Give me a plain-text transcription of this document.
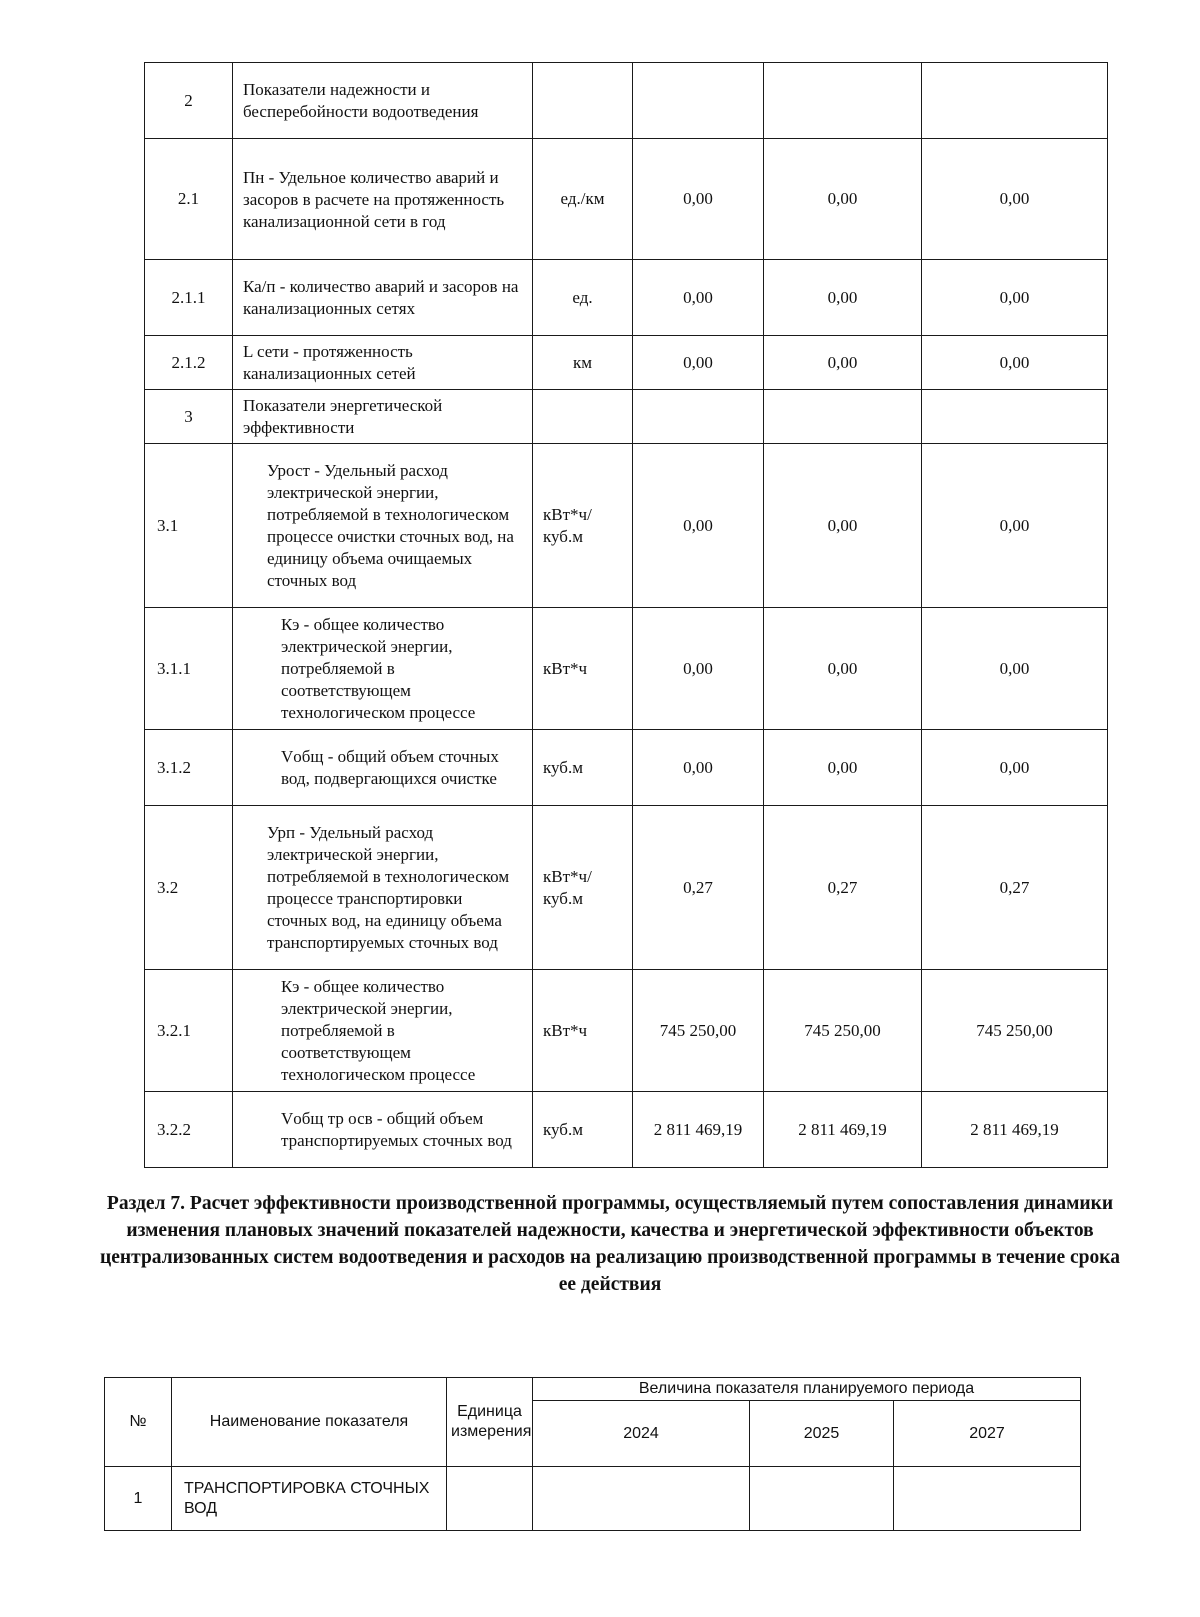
2	Показатели надежности и бесперебойности водоотведения				
2.1	Пн - Удельное количество аварий и засоров в расчете на протяженность канализационной сети в год	ед./км	0,00	0,00	0,00
2.1.1	Ка/п - количество аварий и засоров на канализационных сетях	ед.	0,00	0,00	0,00
2.1.2	L сети - протяженность канализационных сетей	км	0,00	0,00	0,00
3	Показатели энергетической эффективности				
3.1	Урост - Удельный расход электрической энергии, потребляемой в технологическом процессе очистки сточных вод, на единицу объема очищаемых сточных вод	кВт*ч/куб.м	0,00	0,00	0,00
3.1.1	Кэ - общее количество электрической энергии, потребляемой в соответствующем технологическом процессе	кВт*ч	0,00	0,00	0,00
3.1.2	Vобщ - общий объем сточных вод, подвергающихся очистке	куб.м	0,00	0,00	0,00
3.2	Урп - Удельный расход электрической энергии, потребляемой в технологическом процессе транспортировки сточных вод, на единицу объема транспортируемых сточных вод	кВт*ч/куб.м	0,27	0,27	0,27
3.2.1	Кэ - общее количество электрической энергии, потребляемой в соответствующем технологическом процессе	кВт*ч	745 250,00	745 250,00	745 250,00
3.2.2	Vобщ тр осв - общий объем транспортируемых сточных вод	куб.м	2 811 469,19	2 811 469,19	2 811 469,19

Раздел 7. Расчет эффективности производственной программы, осуществляемый путем сопоставления динамики изменения плановых значений показателей надежности, качества и энергетической эффективности объектов централизованных систем водоотведения и расходов на реализацию производственной программы в течение срока ее действия

№	Наименование показателя	Единица измерения	Величина показателя планируемого периода		
			2024	2025	2027
1	ТРАНСПОРТИРОВКА СТОЧНЫХ ВОД				
